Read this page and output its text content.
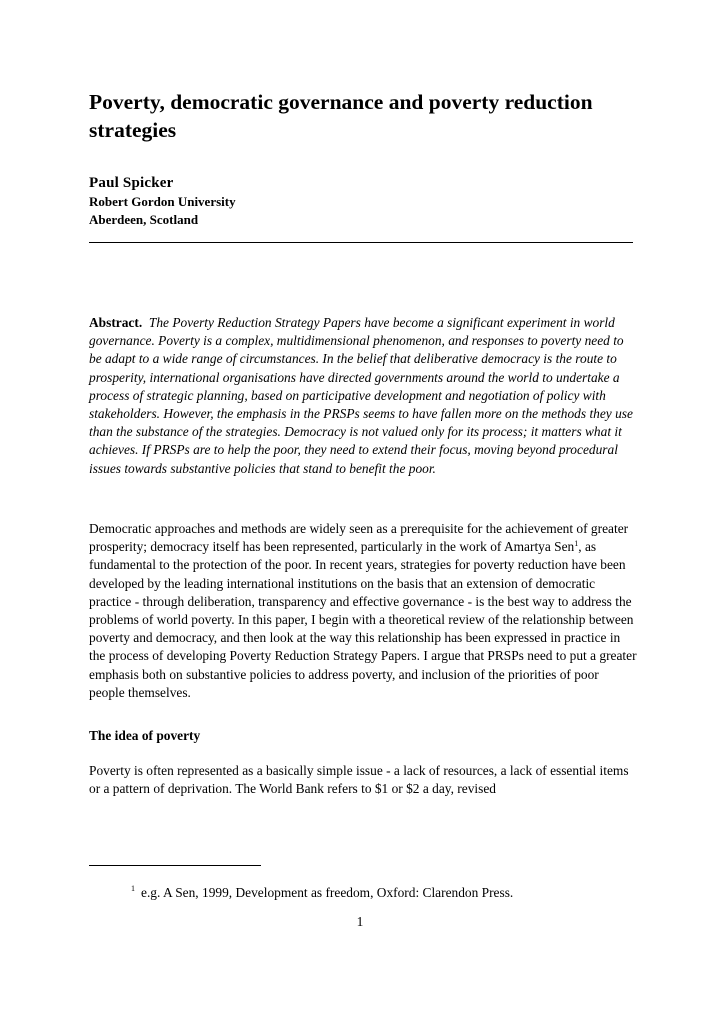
Poverty, democratic governance and poverty reduction strategies

Paul Spicker

Robert Gordon University

Aberdeen, Scotland

Abstract. The Poverty Reduction Strategy Papers have become a significant experiment in world governance. Poverty is a complex, multidimensional phenomenon, and responses to poverty need to be adapt to a wide range of circumstances. In the belief that deliberative democracy is the route to prosperity, international organisations have directed governments around the world to undertake a process of strategic planning, based on participative development and negotiation of policy with stakeholders. However, the emphasis in the PRSPs seems to have fallen more on the methods they use than the substance of the strategies. Democracy is not valued only for its process; it matters what it achieves. If PRSPs are to help the poor, they need to extend their focus, moving beyond procedural issues towards substantive policies that stand to benefit the poor.

Democratic approaches and methods are widely seen as a prerequisite for the achievement of greater prosperity; democracy itself has been represented, particularly in the work of Amartya Sen$^1$, as fundamental to the protection of the poor. In recent years, strategies for poverty reduction have been developed by the leading international institutions on the basis that an extension of democratic practice - through deliberation, transparency and effective governance - is the best way to address the problems of world poverty. In this paper, I begin with a theoretical review of the relationship between poverty and democracy, and then look at the way this relationship has been expressed in practice in the process of developing Poverty Reduction Strategy Papers. I argue that PRSPs need to put a greater emphasis both on substantive policies to address poverty, and inclusion of the priorities of poor people themselves.

The idea of poverty

Poverty is often represented as a basically simple issue - a lack of resources, a lack of essential items or a pattern of deprivation. The World Bank refers to $1 or $2 a day, revised

$^1$ e.g. A Sen, 1999, Development as freedom, Oxford: Clarendon Press.

1
